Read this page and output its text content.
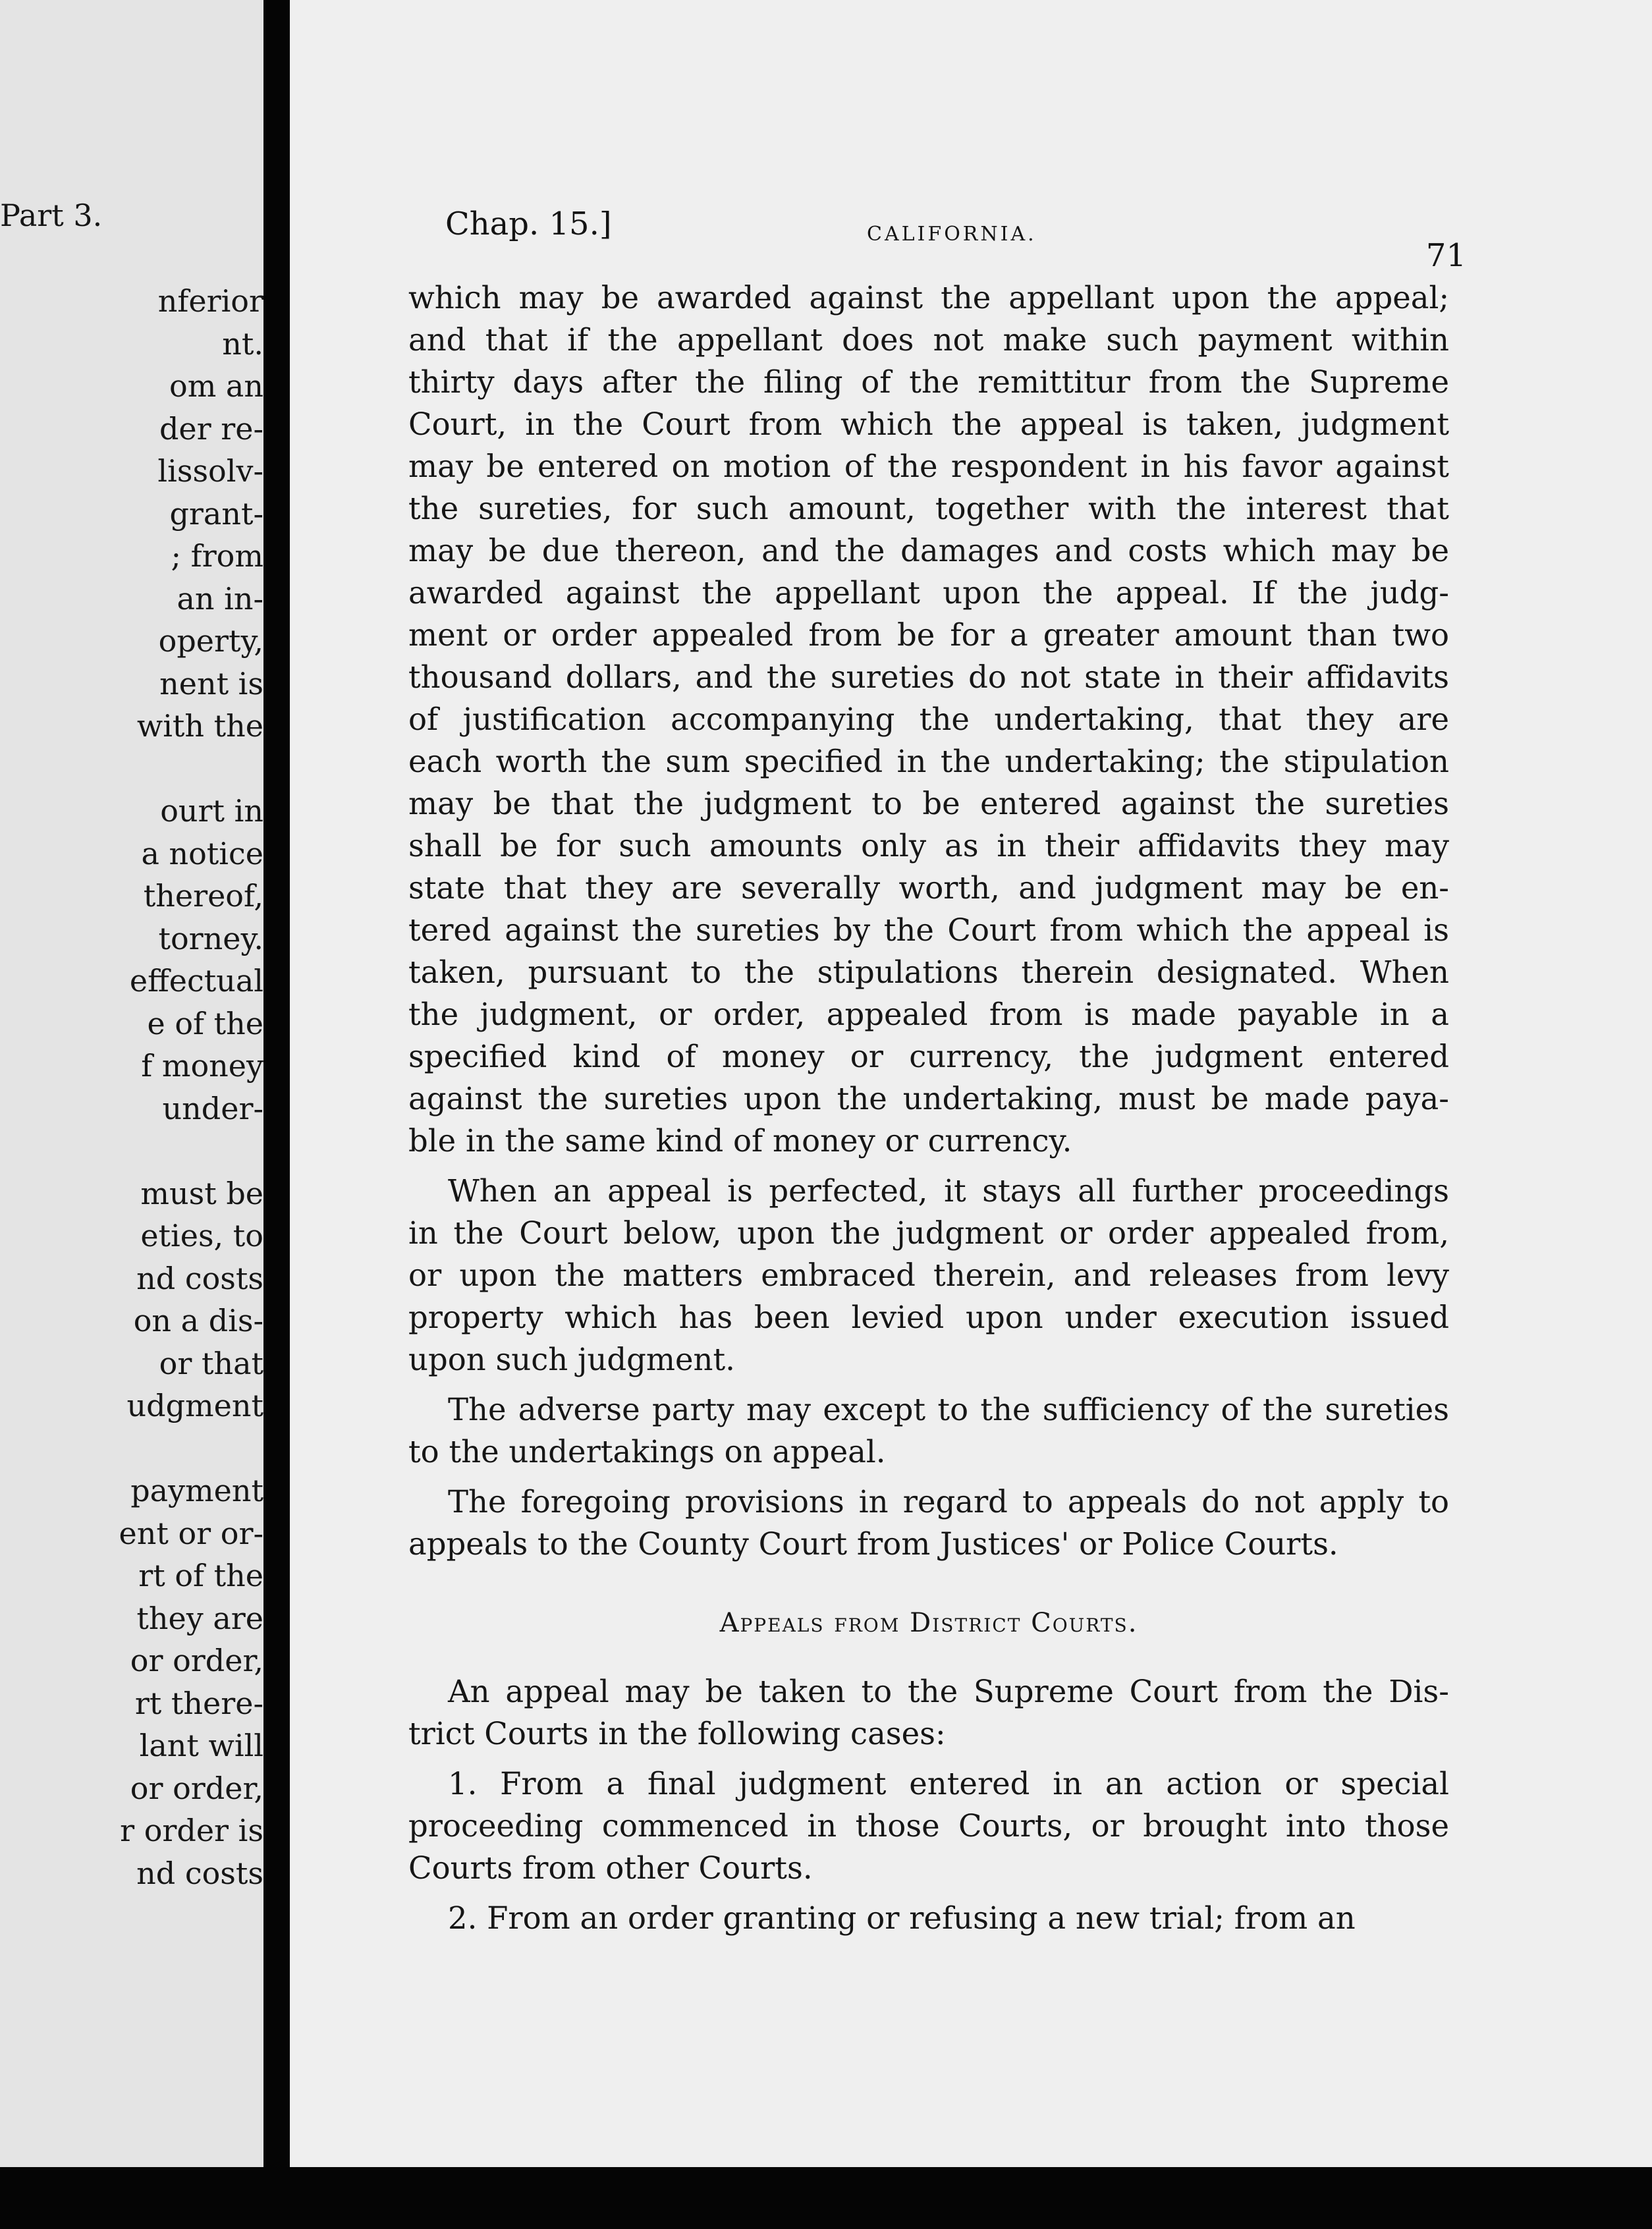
Part 3.
nferior
nt.
om an
der re-
lissolv-
grant-
; from
an in-
operty,
nent is
with the
ourt in
a notice
thereof,
torney.
effectual
e of the
f money
under-
must be
eties, to
nd costs
on a dis-
or that
udgment
payment
ent or or-
rt of the
they are
or order,
rt there-
lant will
or order,
r order is
nd costs
Chap. 15.]	CALIFORNIA.
71
which may be awarded against the appellant upon the appeal;
and that if the appellant does not make such payment within
thirty days after the filing of the remittitur from the Supreme
Court, in the Court from which the appeal is taken, judgment
may be entered on motion of the respondent in his favor against
the sureties, for such amount, together with the interest that
may be due thereon, and the damages and costs which may be
awarded against the appellant upon the appeal. If the judg-
ment or order appealed from be for a greater amount than two
thousand dollars, and the sureties do not state in their affidavits
of justification accompanying the undertaking, that they are
each worth the sum specified in the undertaking; the stipulation
may be that the judgment to be entered against the sureties
shall be for such amounts only as in their affidavits they may
state that they are severally worth, and judgment may be en-
tered against the sureties by the Court from which the appeal is
taken, pursuant to the stipulations therein designated. When
the judgment, or order, appealed from is made payable in a
specified kind of money or currency, the judgment entered
against the sureties upon the undertaking, must be made paya-
ble in the same kind of money or currency.
When an appeal is perfected, it stays all further proceedings
in the Court below, upon the judgment or order appealed from,
or upon the matters embraced therein, and releases from levy
property which has been levied upon under execution issued
upon such judgment.
The adverse party may except to the sufficiency of the sureties
to the undertakings on appeal.
The foregoing provisions in regard to appeals do not apply to
appeals to the County Court from Justices' or Police Courts.
Appeals from District Courts.
An appeal may be taken to the Supreme Court from the Dis-
trict Courts in the following cases:
1. From a final judgment entered in an action or special
proceeding commenced in those Courts, or brought into those
Courts from other Courts.
2. From an order granting or refusing a new trial; from an
